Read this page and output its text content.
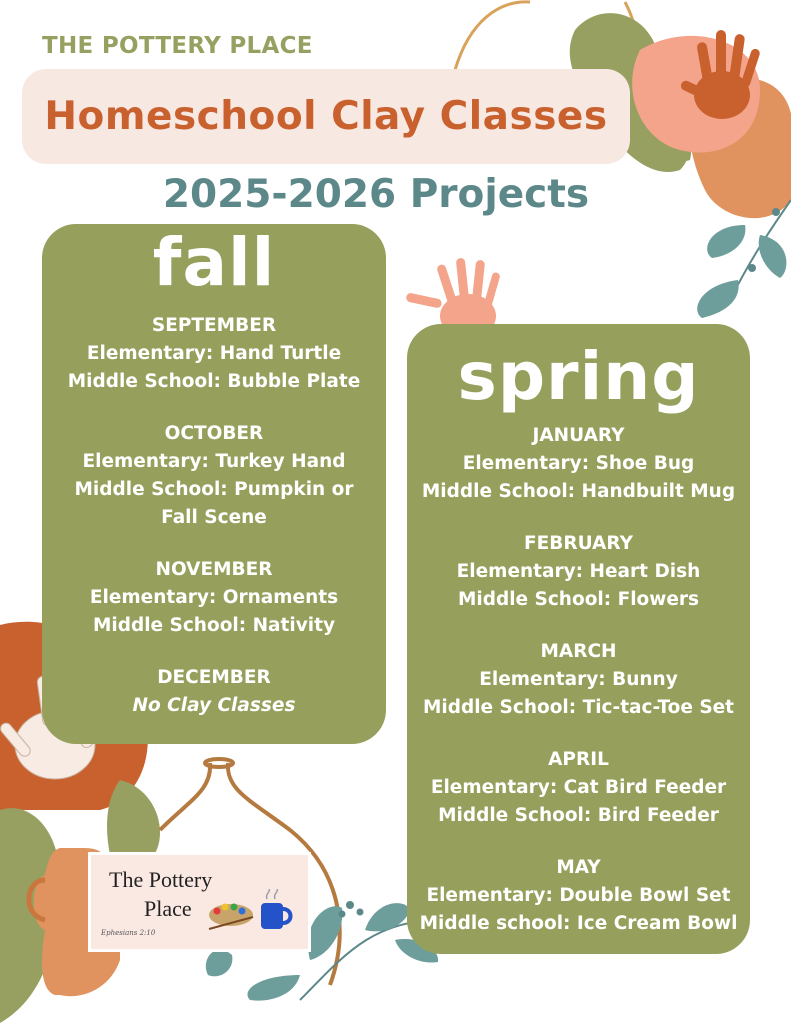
THE POTTERY PLACE
Homeschool Clay Classes
2025-2026 Projects
fall
SEPTEMBER
Elementary: Hand Turtle
Middle School: Bubble Plate
OCTOBER
Elementary: Turkey Hand
Middle School: Pumpkin or
Fall Scene
NOVEMBER
Elementary: Ornaments
Middle School: Nativity
DECEMBER
No Clay Classes
spring
JANUARY
Elementary: Shoe Bug
Middle School: Handbuilt Mug
FEBRUARY
Elementary: Heart Dish
Middle School: Flowers
MARCH
Elementary: Bunny
Middle School: Tic-tac-Toe Set
APRIL
Elementary: Cat Bird Feeder
Middle School: Bird Feeder
MAY
Elementary: Double Bowl Set
Middle school: Ice Cream Bowl
The Pottery
Place
Ephesians 2:10
